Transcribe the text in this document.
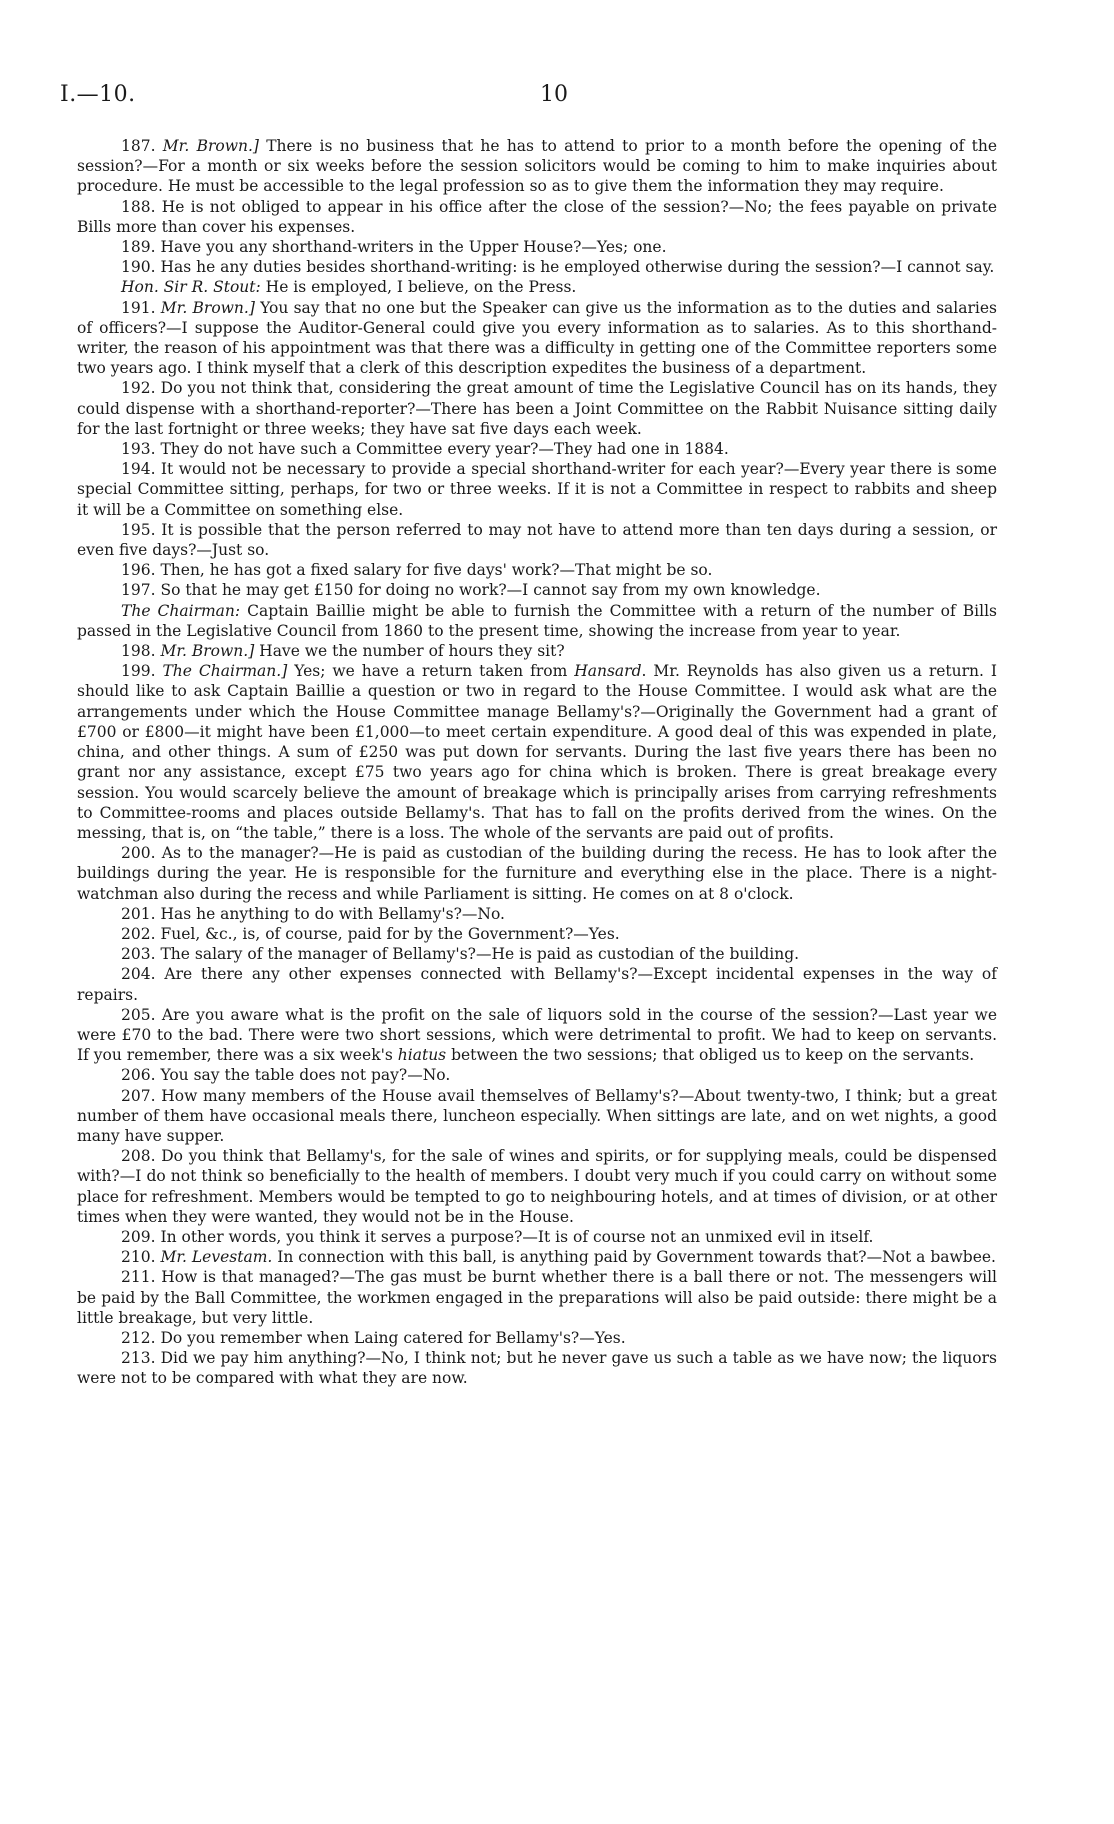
I.—10.	10

187. Mr. Brown.] There is no business that he has to attend to prior to a month before the opening of the session?—For a month or six weeks before the session solicitors would be coming to him to make inquiries about procedure. He must be accessible to the legal profession so as to give them the information they may require.

188. He is not obliged to appear in his office after the close of the session?—No; the fees payable on private Bills more than cover his expenses.

189. Have you any shorthand-writers in the Upper House?—Yes; one.

190. Has he any duties besides shorthand-writing: is he employed otherwise during the session?—I cannot say.

Hon. Sir R. Stout: He is employed, I believe, on the Press.

191. Mr. Brown.] You say that no one but the Speaker can give us the information as to the duties and salaries of officers?—I suppose the Auditor-General could give you every information as to salaries. As to this shorthand-writer, the reason of his appointment was that there was a difficulty in getting one of the Committee reporters some two years ago. I think myself that a clerk of this description expedites the business of a department.

192. Do you not think that, considering the great amount of time the Legislative Council has on its hands, they could dispense with a shorthand-reporter?—There has been a Joint Committee on the Rabbit Nuisance sitting daily for the last fortnight or three weeks; they have sat five days each week.

193. They do not have such a Committee every year?—They had one in 1884.

194. It would not be necessary to provide a special shorthand-writer for each year?—Every year there is some special Committee sitting, perhaps, for two or three weeks. If it is not a Committee in respect to rabbits and sheep it will be a Committee on something else.

195. It is possible that the person referred to may not have to attend more than ten days during a session, or even five days?—Just so.

196. Then, he has got a fixed salary for five days' work?—That might be so.

197. So that he may get £150 for doing no work?—I cannot say from my own knowledge.

The Chairman: Captain Baillie might be able to furnish the Committee with a return of the number of Bills passed in the Legislative Council from 1860 to the present time, showing the increase from year to year.

198. Mr. Brown.] Have we the number of hours they sit?

199. The Chairman.] Yes; we have a return taken from Hansard. Mr. Reynolds has also given us a return. I should like to ask Captain Baillie a question or two in regard to the House Committee. I would ask what are the arrangements under which the House Committee manage Bellamy's?—Originally the Government had a grant of £700 or £800—it might have been £1,000—to meet certain expenditure. A good deal of this was expended in plate, china, and other things. A sum of £250 was put down for servants. During the last five years there has been no grant nor any assistance, except £75 two years ago for china which is broken. There is great breakage every session. You would scarcely believe the amount of breakage which is principally arises from carrying refreshments to Committee-rooms and places outside Bellamy's. That has to fall on the profits derived from the wines. On the messing, that is, on “the table,” there is a loss. The whole of the servants are paid out of profits.

200. As to the manager?—He is paid as custodian of the building during the recess. He has to look after the buildings during the year. He is responsible for the furniture and everything else in the place. There is a night-watchman also during the recess and while Parliament is sitting. He comes on at 8 o'clock.

201. Has he anything to do with Bellamy's?—No.

202. Fuel, &c., is, of course, paid for by the Government?—Yes.

203. The salary of the manager of Bellamy's?—He is paid as custodian of the building.

204. Are there any other expenses connected with Bellamy's?—Except incidental expenses in the way of repairs.

205. Are you aware what is the profit on the sale of liquors sold in the course of the session?—Last year we were £70 to the bad. There were two short sessions, which were detrimental to profit. We had to keep on servants. If you remember, there was a six week's hiatus between the two sessions; that obliged us to keep on the servants.

206. You say the table does not pay?—No.

207. How many members of the House avail themselves of Bellamy's?—About twenty-two, I think; but a great number of them have occasional meals there, luncheon especially. When sittings are late, and on wet nights, a good many have supper.

208. Do you think that Bellamy's, for the sale of wines and spirits, or for supplying meals, could be dispensed with?—I do not think so beneficially to the health of members. I doubt very much if you could carry on without some place for refreshment. Members would be tempted to go to neighbouring hotels, and at times of division, or at other times when they were wanted, they would not be in the House.

209. In other words, you think it serves a purpose?—It is of course not an unmixed evil in itself.

210. Mr. Levestam. In connection with this ball, is anything paid by Government towards that?—Not a bawbee.

211. How is that managed?—The gas must be burnt whether there is a ball there or not. The messengers will be paid by the Ball Committee, the workmen engaged in the preparations will also be paid outside: there might be a little breakage, but very little.

212. Do you remember when Laing catered for Bellamy's?—Yes.

213. Did we pay him anything?—No, I think not; but he never gave us such a table as we have now; the liquors were not to be compared with what they are now.
